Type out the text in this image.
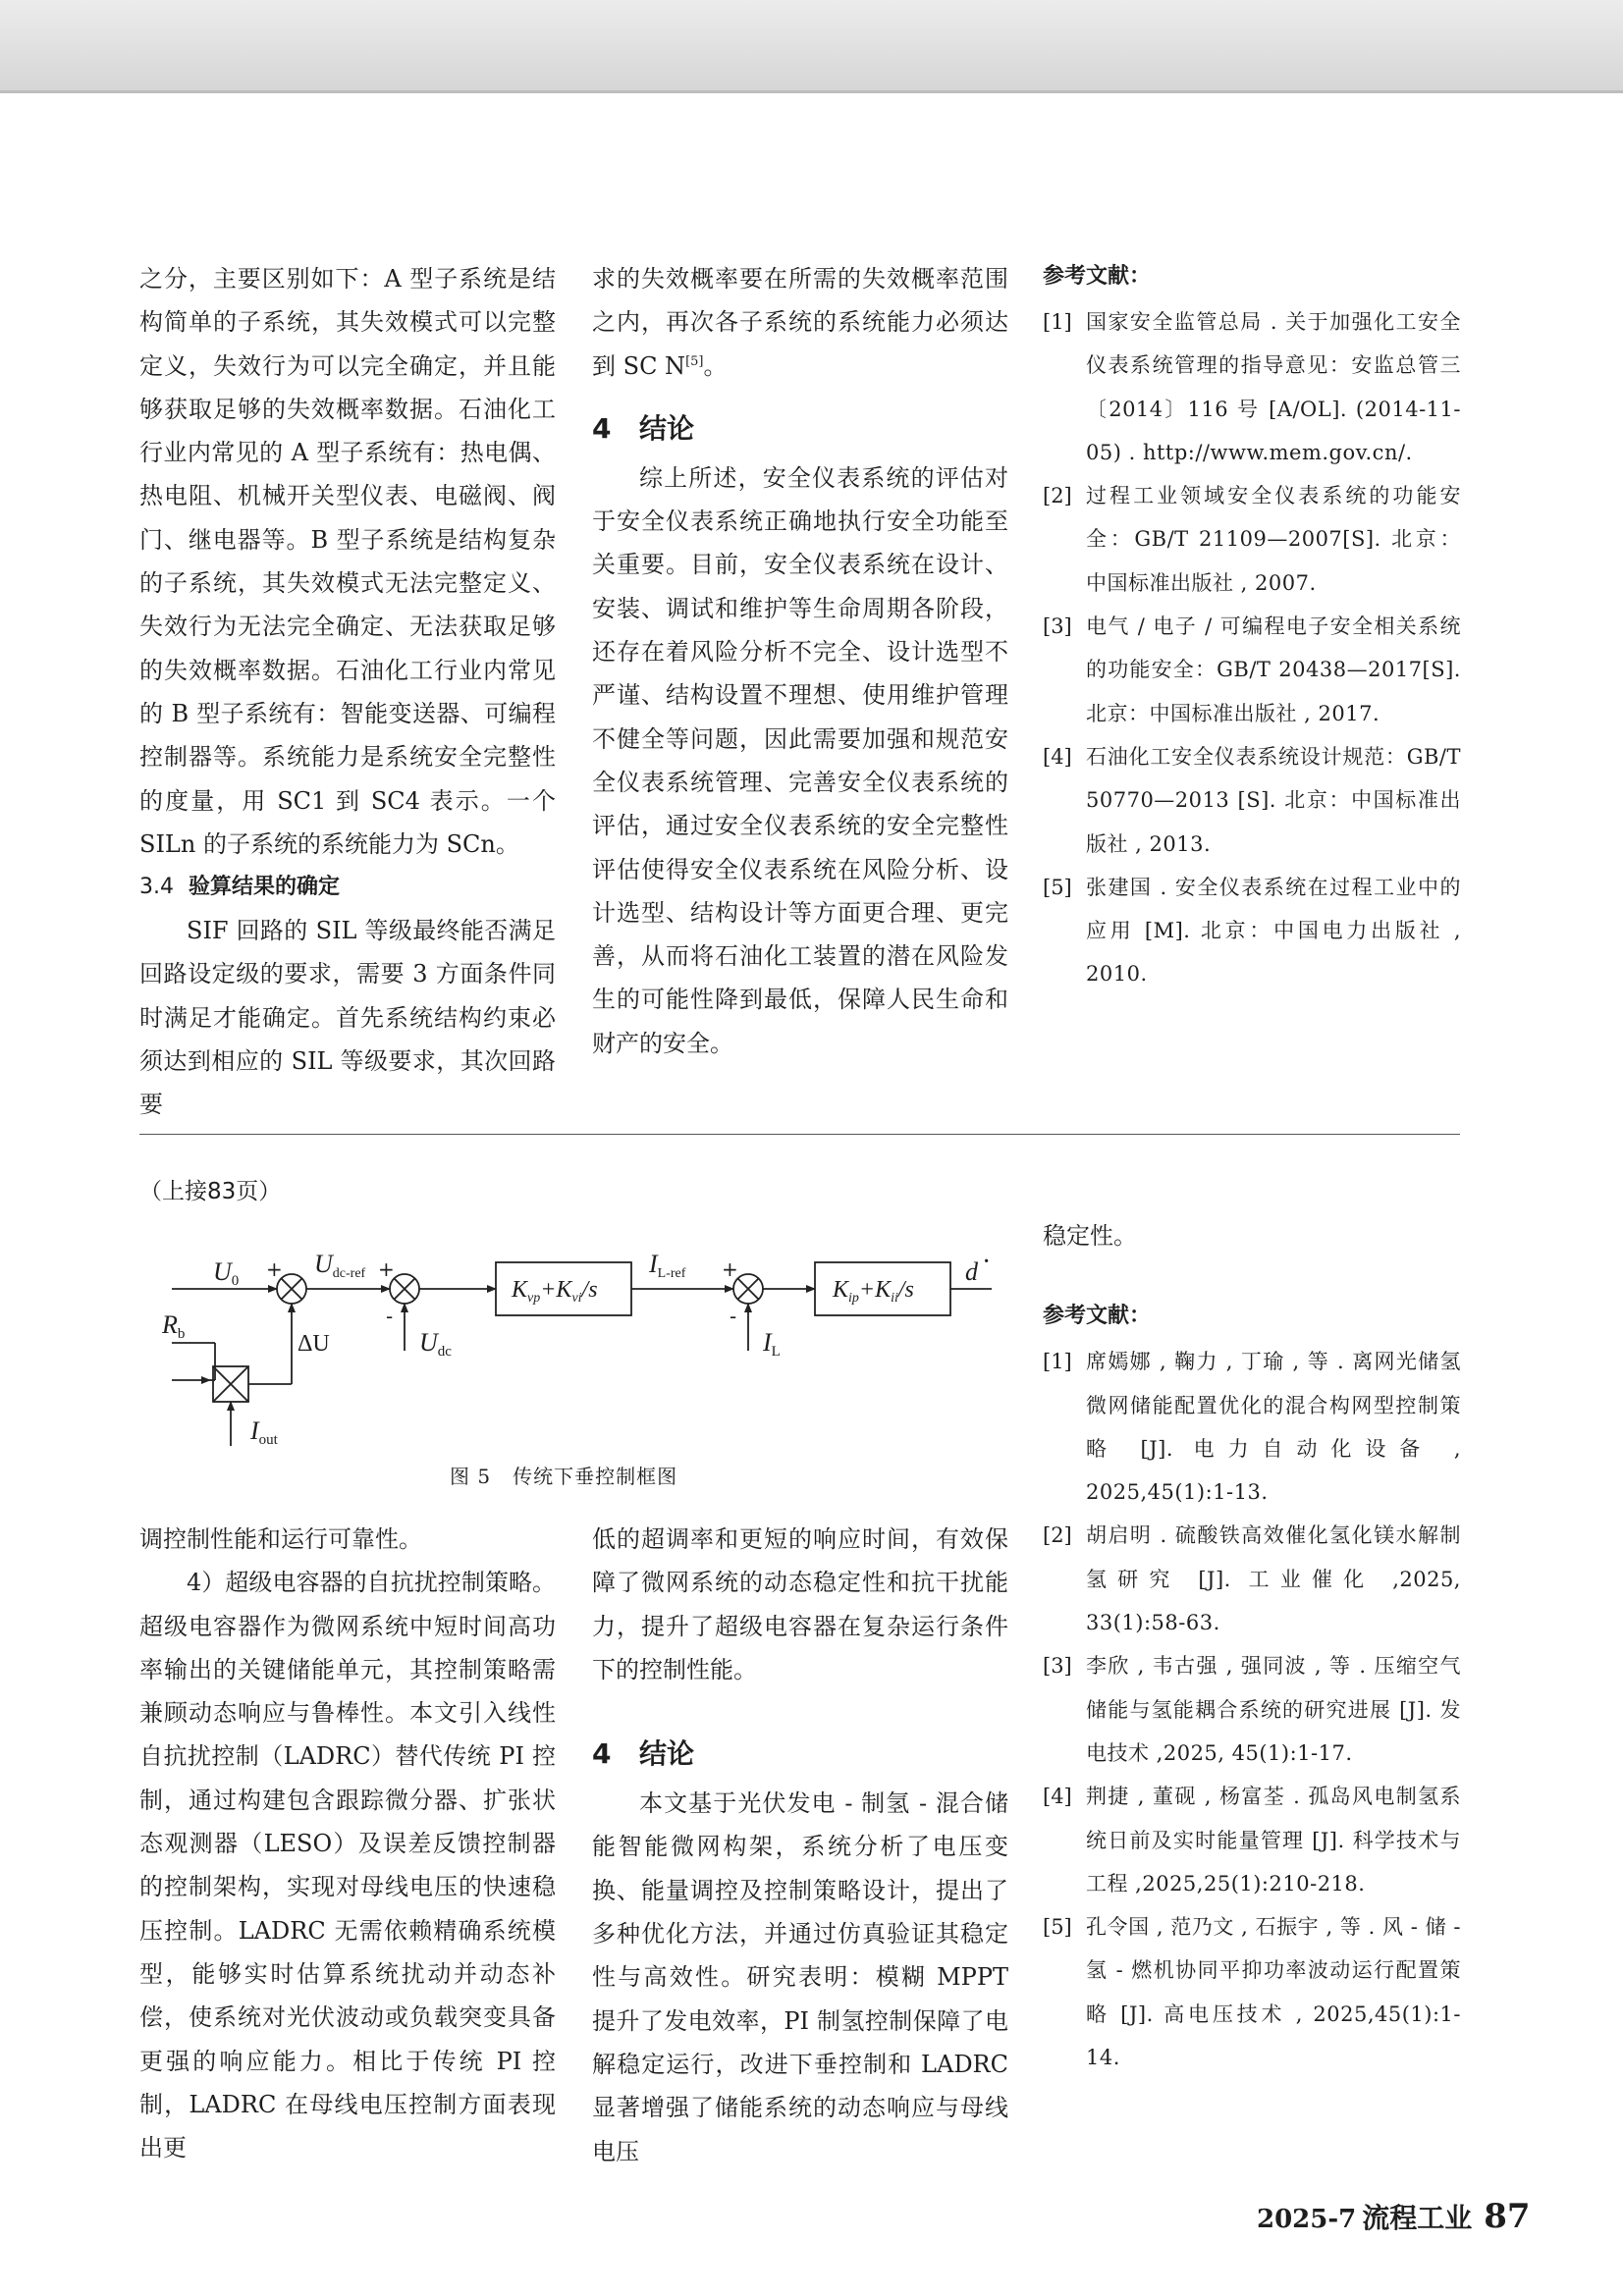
之分，主要区别如下：A 型子系统是结构简单的子系统，其失效模式可以完整定义，失效行为可以完全确定，并且能够获取足够的失效概率数据。石油化工行业内常见的 A 型子系统有：热电偶、热电阻、机械开关型仪表、电磁阀、阀门、继电器等。B 型子系统是结构复杂的子系统，其失效模式无法完整定义、失效行为无法完全确定、无法获取足够的失效概率数据。石油化工行业内常见的 B 型子系统有：智能变送器、可编程控制器等。系统能力是系统安全完整性的度量，用 SC1 到 SC4 表示。一个 SILn 的子系统的系统能力为 SCn。

3.4 验算结果的确定

SIF 回路的 SIL 等级最终能否满足回路设定级的要求，需要 3 方面条件同时满足才能确定。首先系统结构约束必须达到相应的 SIL 等级要求，其次回路要

求的失效概率要在所需的失效概率范围之内，再次各子系统的系统能力必须达到 SC N[5]。

4 结论

综上所述，安全仪表系统的评估对于安全仪表系统正确地执行安全功能至关重要。目前，安全仪表系统在设计、安装、调试和维护等生命周期各阶段，还存在着风险分析不完全、设计选型不严谨、结构设置不理想、使用维护管理不健全等问题，因此需要加强和规范安全仪表系统管理、完善安全仪表系统的评估，通过安全仪表系统的安全完整性评估使得安全仪表系统在风险分析、设计选型、结构设计等方面更合理、更完善，从而将石油化工装置的潜在风险发生的可能性降到最低，保障人民生命和财产的安全。

参考文献：
[1] 国家安全监管总局 . 关于加强化工安全仪表系统管理的指导意见：安监总管三〔2014〕116 号 [A/OL]. (2014-11-05) . http://www.mem.gov.cn/.
[2] 过程工业领域安全仪表系统的功能安全：GB/T 21109—2007[S]. 北京：中国标准出版社 , 2007.
[3] 电气 / 电子 / 可编程电子安全相关系统的功能安全：GB/T 20438—2017[S]. 北京：中国标准出版社 , 2017.
[4] 石油化工安全仪表系统设计规范：GB/T 50770—2013 [S]. 北京：中国标准出版社 , 2013.
[5] 张建国 . 安全仪表系统在过程工业中的应用 [M]. 北京：中国电力出版社 , 2010.
（上接83页）
U0
Udc-ref
Udc
ΔU
Rb
Iout
IL-ref
IL
$K_{vp}+K_{vi}/s$	$K_{ip}+K_{ii}/s$
d ·
+	+
-
+
-
图 5 传统下垂控制框图

调控制性能和运行可靠性。

4）超级电容器的自抗扰控制策略。超级电容器作为微网系统中短时间高功率输出的关键储能单元，其控制策略需兼顾动态响应与鲁棒性。本文引入线性自抗扰控制（LADRC）替代传统 PI 控制，通过构建包含跟踪微分器、扩张状态观测器（LESO）及误差反馈控制器的控制架构，实现对母线电压的快速稳压控制。LADRC 无需依赖精确系统模型，能够实时估算系统扰动并动态补偿，使系统对光伏波动或负载突变具备更强的响应能力。相比于传统 PI 控制，LADRC 在母线电压控制方面表现出更

低的超调率和更短的响应时间，有效保障了微网系统的动态稳定性和抗干扰能力，提升了超级电容器在复杂运行条件下的控制性能。

4 结论

本文基于光伏发电 - 制氢 - 混合储能智能微网构架，系统分析了电压变换、能量调控及控制策略设计，提出了多种优化方法，并通过仿真验证其稳定性与高效性。研究表明：模糊 MPPT 提升了发电效率，PI 制氢控制保障了电解稳定运行，改进下垂控制和 LADRC 显著增强了储能系统的动态响应与母线电压

稳定性。

参考文献：
[1] 席嫣娜 , 鞠力 , 丁瑜 , 等 . 离网光储氢微网储能配置优化的混合构网型控制策略 [J]. 电力自动化设备 , 2025,45(1):1-13.
[2] 胡启明 . 硫酸铁高效催化氢化镁水解制氢研究 [J]. 工业催化 ,2025, 33(1):58-63.
[3] 李欣 , 韦古强 , 强同波 , 等 . 压缩空气储能与氢能耦合系统的研究进展 [J]. 发电技术 ,2025, 45(1):1-17.
[4] 荆捷 , 董砚 , 杨富荃 . 孤岛风电制氢系统日前及实时能量管理 [J]. 科学技术与工程 ,2025,25(1):210-218.
[5] 孔令国 , 范乃文 , 石振宇 , 等 . 风 - 储 - 氢 - 燃机协同平抑功率波动运行配置策略 [J]. 高电压技术 , 2025,45(1):1-14.
2025-7 流程工业 87
